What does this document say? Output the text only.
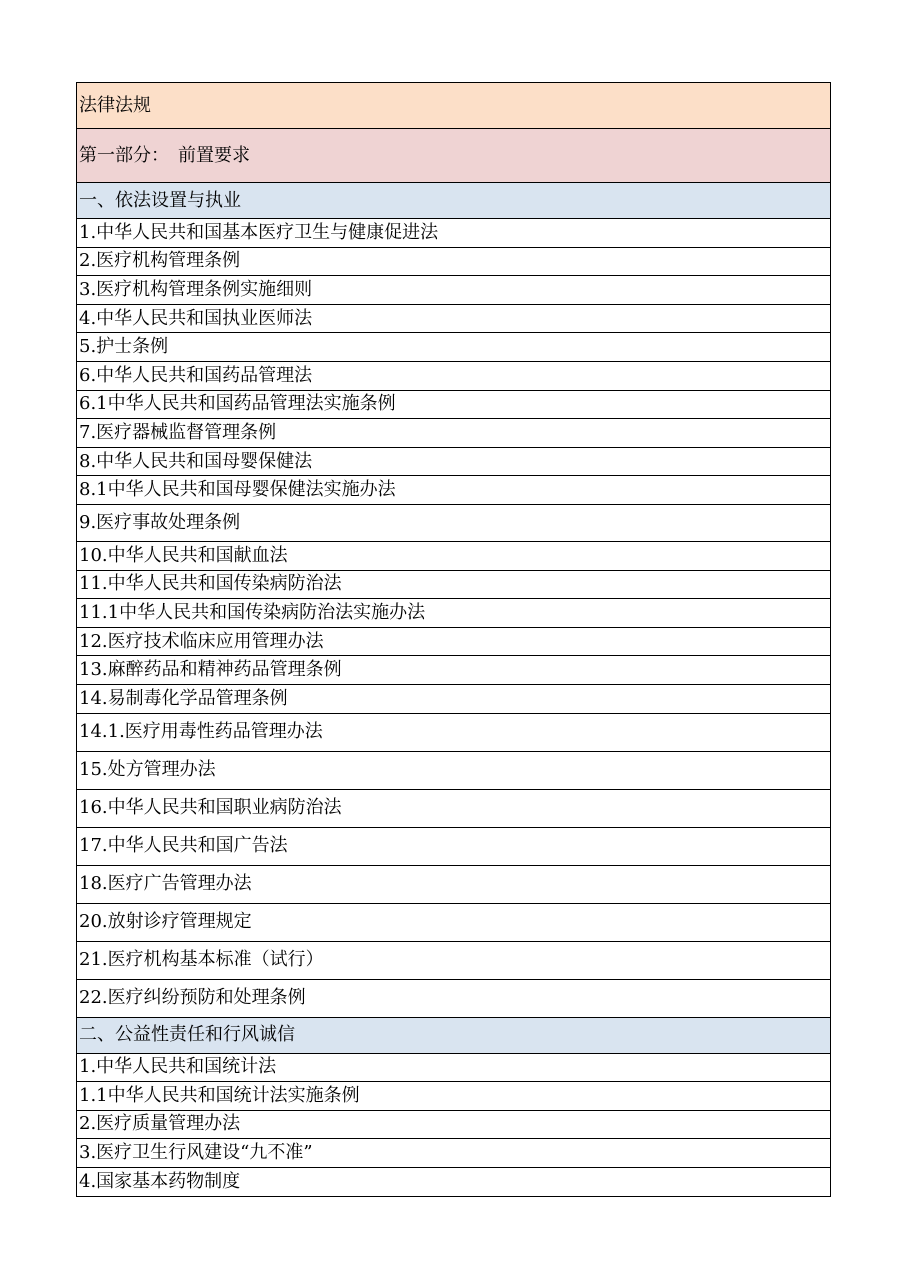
法律法规
第一部分：　前置要求
一、依法设置与执业
1.中华人民共和国基本医疗卫生与健康促进法
2.医疗机构管理条例
3.医疗机构管理条例实施细则
4.中华人民共和国执业医师法
5.护士条例
6.中华人民共和国药品管理法
6.1中华人民共和国药品管理法实施条例
7.医疗器械监督管理条例
8.中华人民共和国母婴保健法
8.1中华人民共和国母婴保健法实施办法
9.医疗事故处理条例
10.中华人民共和国献血法
11.中华人民共和国传染病防治法
11.1中华人民共和国传染病防治法实施办法
12.医疗技术临床应用管理办法
13.麻醉药品和精神药品管理条例
14.易制毒化学品管理条例
14.1.医疗用毒性药品管理办法
15.处方管理办法
16.中华人民共和国职业病防治法
17.中华人民共和国广告法
18.医疗广告管理办法
20.放射诊疗管理规定
21.医疗机构基本标准（试行）
22.医疗纠纷预防和处理条例
二、公益性责任和行风诚信
1.中华人民共和国统计法
1.1中华人民共和国统计法实施条例
2.医疗质量管理办法
3.医疗卫生行风建设“九不准”
4.国家基本药物制度
